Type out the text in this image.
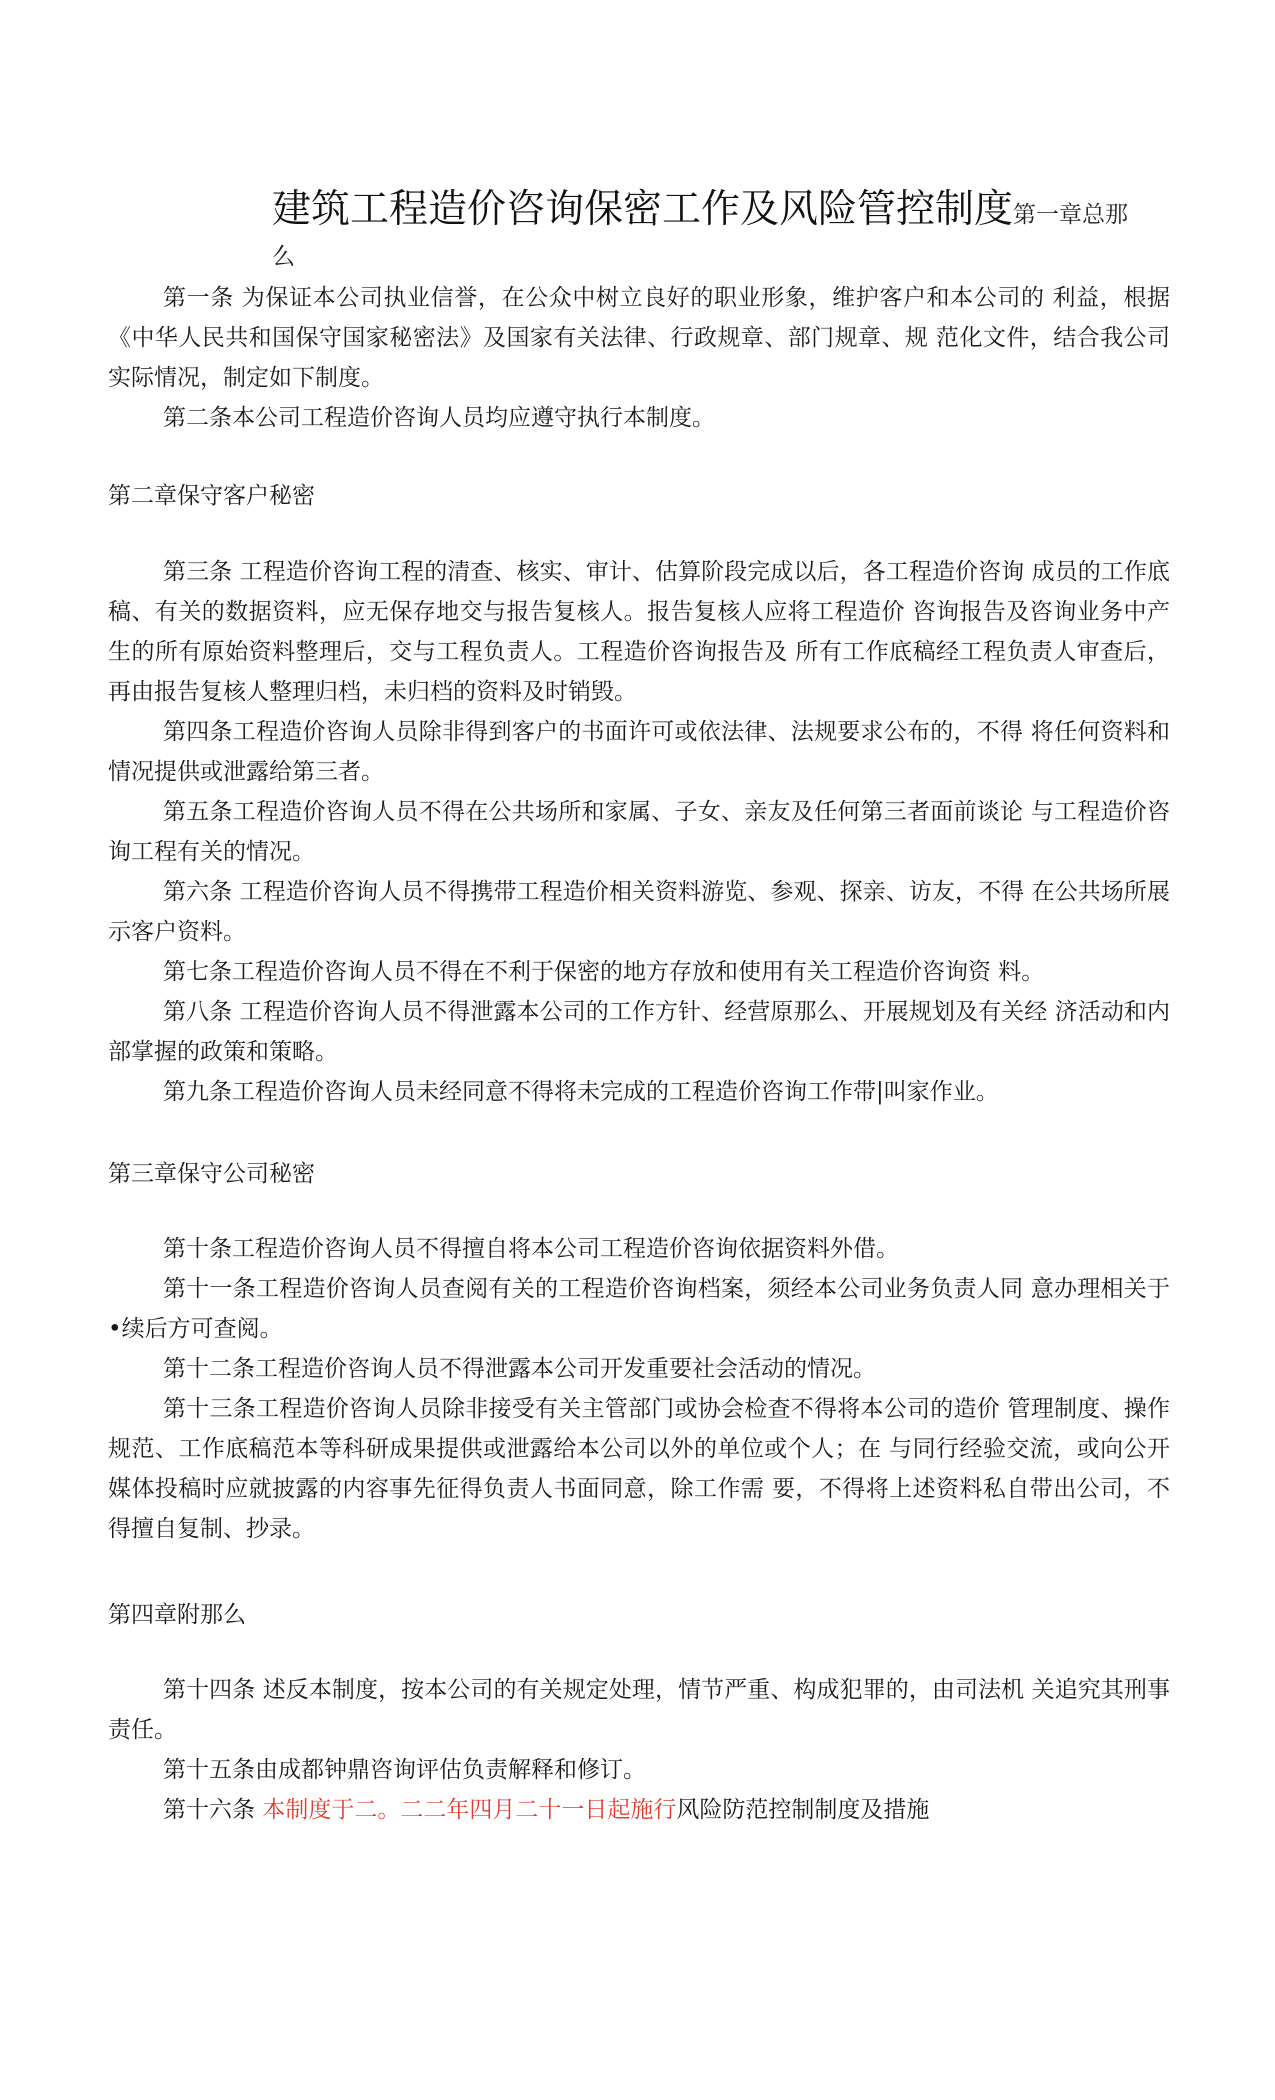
建筑工程造价咨询保密工作及风险管控制度第一章总那
么

第一条 为保证本公司执业信誉，在公众中树立良好的职业形象，维护客户和本公司的 利益，根据《中华人民共和国保守国家秘密法》及国家有关法律、行政规章、部门规章、规 范化文件，结合我公司实际情况，制定如下制度。

第二条本公司工程造价咨询人员均应遵守执行本制度。

第二章保守客户秘密

第三条 工程造价咨询工程的清查、核实、审计、估算阶段完成以后，各工程造价咨询 成员的工作底稿、有关的数据资料，应无保存地交与报告复核人。报告复核人应将工程造价 咨询报告及咨询业务中产生的所有原始资料整理后，交与工程负责人。工程造价咨询报告及 所有工作底稿经工程负责人审查后，再由报告复核人整理归档，未归档的资料及时销毁。

第四条工程造价咨询人员除非得到客户的书面许可或依法律、法规要求公布的，不得 将任何资料和情况提供或泄露给第三者。

第五条工程造价咨询人员不得在公共场所和家属、子女、亲友及任何第三者面前谈论 与工程造价咨询工程有关的情况。

第六条 工程造价咨询人员不得携带工程造价相关资料游览、参观、探亲、访友，不得 在公共场所展示客户资料。

第七条工程造价咨询人员不得在不利于保密的地方存放和使用有关工程造价咨询资 料。

第八条 工程造价咨询人员不得泄露本公司的工作方针、经营原那么、开展规划及有关经 济活动和内部掌握的政策和策略。

第九条工程造价咨询人员未经同意不得将未完成的工程造价咨询工作带|叫家作业。

第三章保守公司秘密

第十条工程造价咨询人员不得擅自将本公司工程造价咨询依据资料外借。

第十一条工程造价咨询人员查阅有关的工程造价咨询档案，须经本公司业务负责人同 意办理相关于•续后方可查阅。

第十二条工程造价咨询人员不得泄露本公司开发重要社会活动的情况。

第十三条工程造价咨询人员除非接受有关主管部门或协会检查不得将本公司的造价 管理制度、操作规范、工作底稿范本等科研成果提供或泄露给本公司以外的单位或个人；在 与同行经验交流，或向公开媒体投稿时应就披露的内容事先征得负责人书面同意，除工作需 要，不得将上述资料私自带出公司，不得擅自复制、抄录。

第四章附那么

第十四条 述反本制度，按本公司的有关规定处理，情节严重、构成犯罪的，由司法机 关追究其刑事责任。

第十五条由成都钟鼎咨询评估负责解释和修订。

第十六条 本制度于二。二二年四月二十一日起施行风险防范控制制度及措施
